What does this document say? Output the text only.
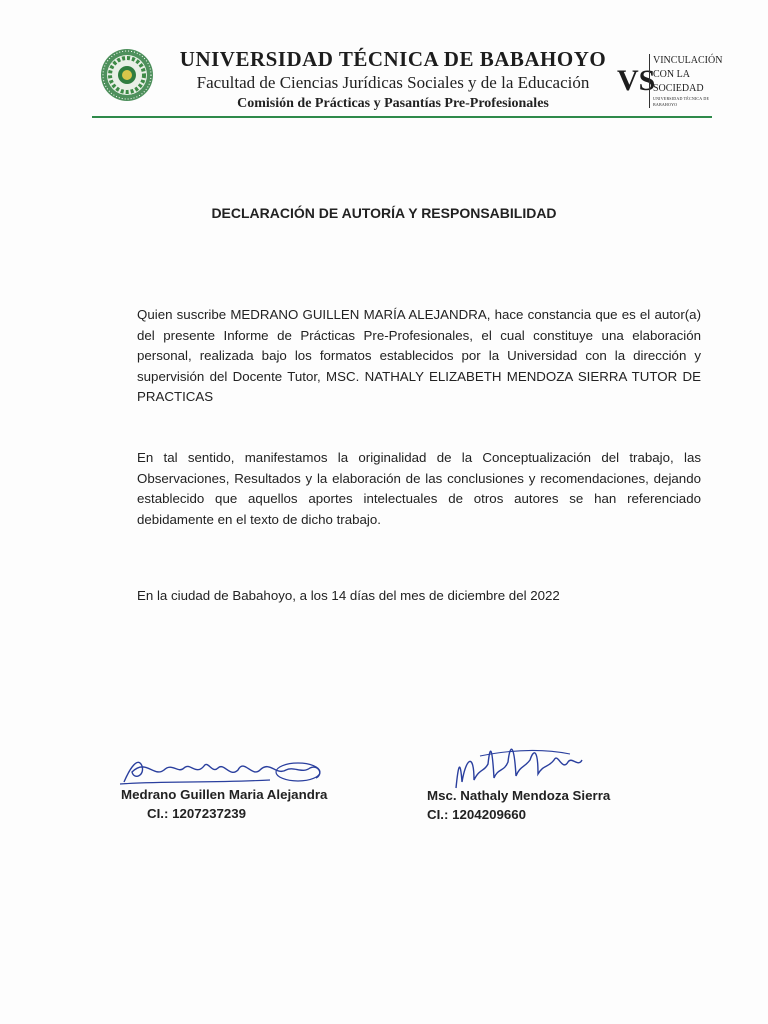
UNIVERSIDAD TÉCNICA DE BABAHOYO
Facultad de Ciencias Jurídicas Sociales y de la Educación
Comisión de Prácticas y Pasantías Pre-Profesionales
VS
VINCULACIÓN
CON LA SOCIEDAD
UNIVERSIDAD TÉCNICA DE BABAHOYO
DECLARACIÓN DE AUTORÍA Y RESPONSABILIDAD
Quien suscribe MEDRANO GUILLEN MARÍA ALEJANDRA, hace constancia que es el autor(a) del presente Informe de Prácticas Pre-Profesionales, el cual constituye una elaboración personal, realizada bajo los formatos establecidos por la Universidad con la dirección y supervisión del Docente Tutor, MSC. NATHALY ELIZABETH MENDOZA SIERRA TUTOR DE PRACTICAS
En tal sentido, manifestamos la originalidad de la Conceptualización del trabajo, las Observaciones, Resultados y la elaboración de las conclusiones y recomendaciones, dejando establecido que aquellos aportes intelectuales de otros autores se han referenciado debidamente en el texto de dicho trabajo.
En la ciudad de Babahoyo, a los 14 días del mes de diciembre del 2022
Medrano Guillen Maria Alejandra
CI.: 1207237239
Msc. Nathaly Mendoza Sierra
CI.: 1204209660
